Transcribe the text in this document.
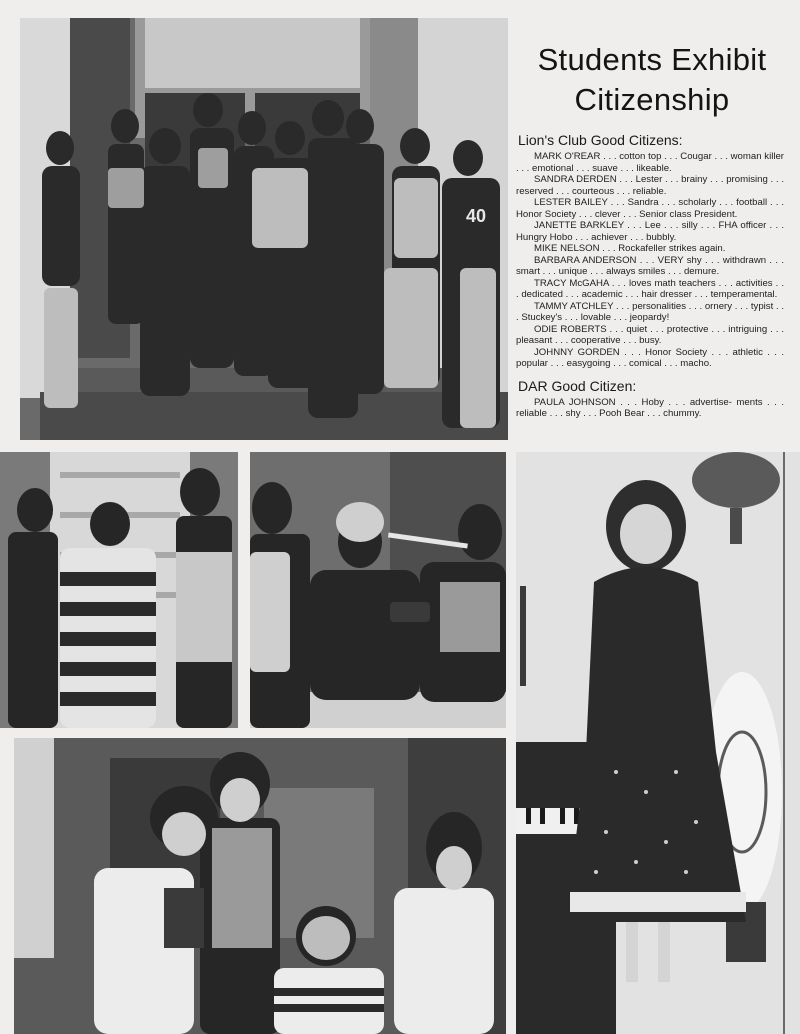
40
Students Exhibit
Citizenship
Lion's Club Good Citizens:

MARK O'REAR . . . cotton top . . . Cougar . . . woman killer . . . emotional . . . suave . . . likeable.

SANDRA DERDEN . . . Lester . . . brainy . . . promising . . . reserved . . . courteous . . . reliable.

LESTER BAILEY . . . Sandra . . . scholarly . . . football . . . Honor Society . . . clever . . . Senior class President.

JANETTE BARKLEY . . . Lee . . . silly . . . FHA officer . . . Hungry Hobo . . . achiever . . . bubbly.

MIKE NELSON . . . Rockafeller strikes again.

BARBARA ANDERSON . . . VERY shy . . . withdrawn . . . smart . . . unique . . . always smiles . . . demure.

TRACY McGAHA . . . loves math teachers . . . activities . . . dedicated . . . academic . . . hair dresser . . . temperamental.

TAMMY ATCHLEY . . . personalities . . . ornery . . . typist . . . Stuckey's . . . lovable . . . jeopardy!

ODIE ROBERTS . . . quiet . . . protective . . . intriguing . . . pleasant . . . cooperative . . . busy.

JOHNNY GORDEN . . . Honor Society . . . athletic . . . popular . . . easygoing . . . comical . . . macho.

DAR Good Citizen:

PAULA JOHNSON . . . Hoby . . . advertise- ments . . . reliable . . . shy . . . Pooh Bear . . . chummy.
